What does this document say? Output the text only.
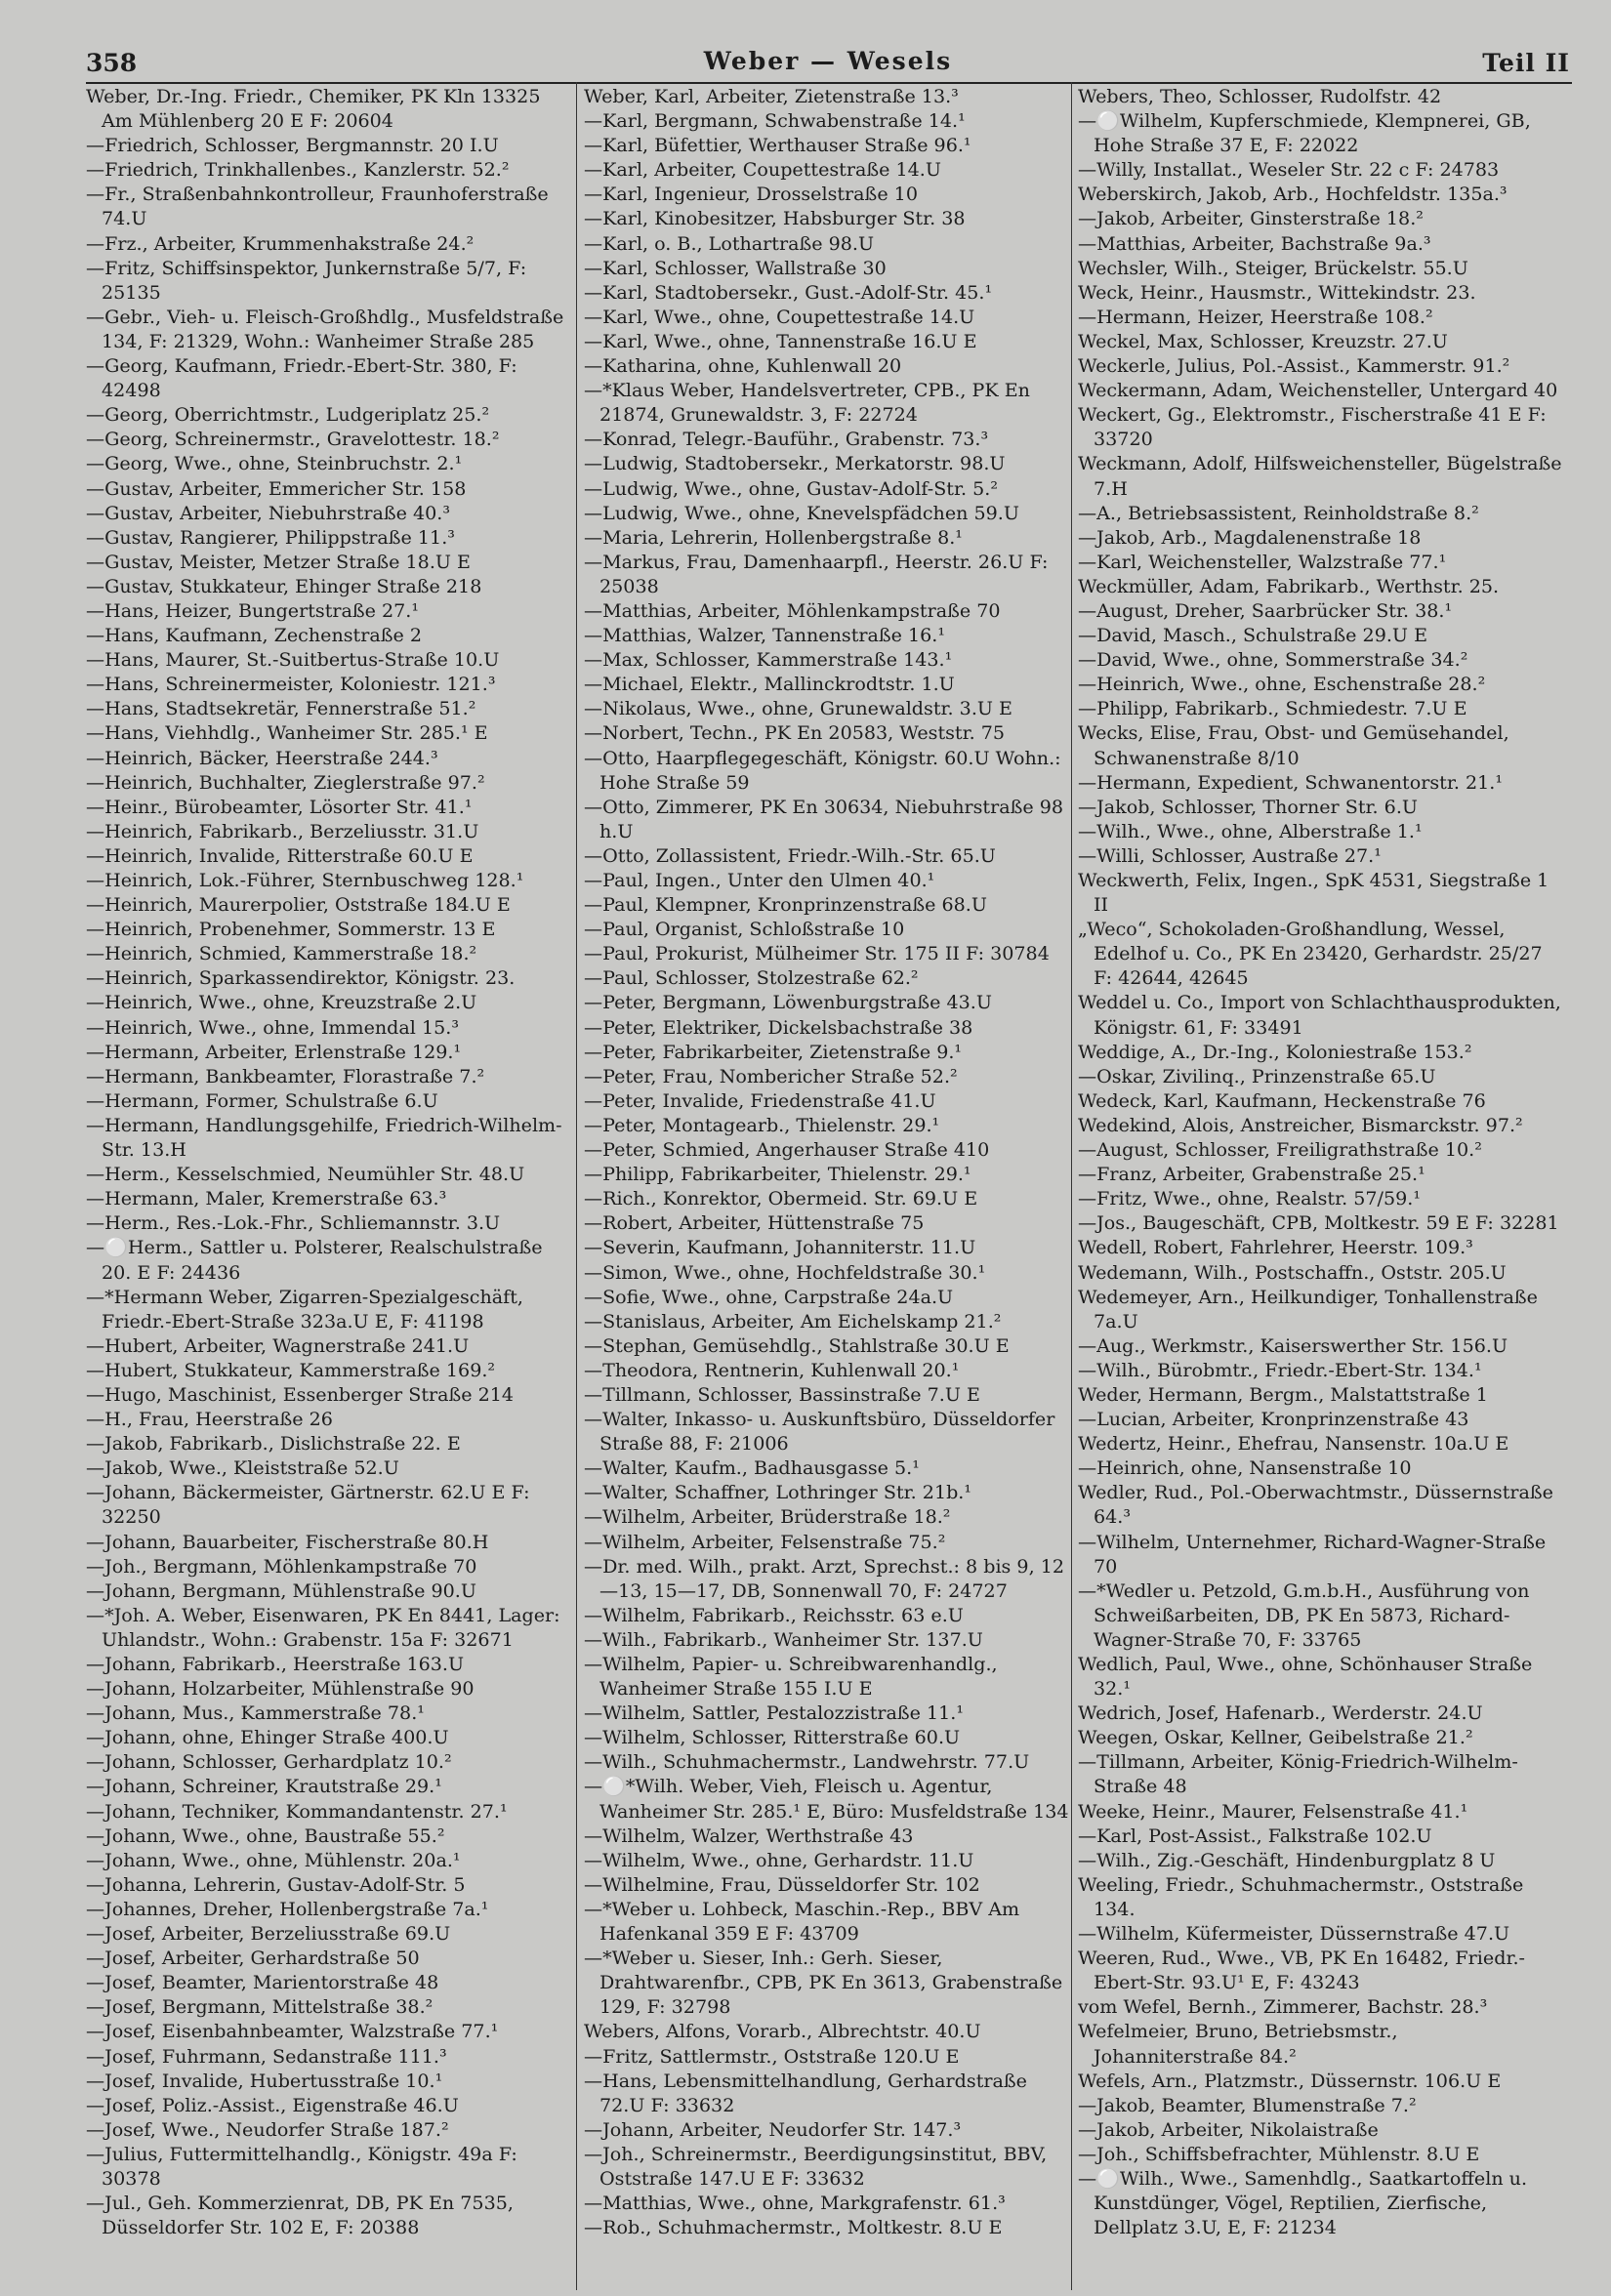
358	Weber — Wesels	Teil II
Weber, Dr.-Ing. Friedr., Chemiker, PK Kln 13325 Am Mühlenberg 20 E F: 20604
—Friedrich, Schlosser, Bergmannstr. 20 I.U
—Friedrich, Trinkhallenbes., Kanzlerstr. 52.²
—Fr., Straßenbahnkontrolleur, Fraunhoferstraße 74.U
—Frz., Arbeiter, Krummenhakstraße 24.²
—Fritz, Schiffsinspektor, Junkernstraße 5/7, F: 25135
—Gebr., Vieh- u. Fleisch-Großhdlg., Musfeldstraße 134, F: 21329, Wohn.: Wanheimer Straße 285
—Georg, Kaufmann, Friedr.-Ebert-Str. 380, F: 42498
—Georg, Oberrichtmstr., Ludgeriplatz 25.²
—Georg, Schreinermstr., Gravelottestr. 18.²
—Georg, Wwe., ohne, Steinbruchstr. 2.¹
—Gustav, Arbeiter, Emmericher Str. 158
—Gustav, Arbeiter, Niebuhrstraße 40.³
—Gustav, Rangierer, Philippstraße 11.³
—Gustav, Meister, Metzer Straße 18.U E
—Gustav, Stukkateur, Ehinger Straße 218
—Hans, Heizer, Bungertstraße 27.¹
—Hans, Kaufmann, Zechenstraße 2
—Hans, Maurer, St.-Suitbertus-Straße 10.U
—Hans, Schreinermeister, Koloniestr. 121.³
—Hans, Stadtsekretär, Fennerstraße 51.²
—Hans, Viehhdlg., Wanheimer Str. 285.¹ E
—Heinrich, Bäcker, Heerstraße 244.³
—Heinrich, Buchhalter, Zieglerstraße 97.²
—Heinr., Bürobeamter, Lösorter Str. 41.¹
—Heinrich, Fabrikarb., Berzeliusstr. 31.U
—Heinrich, Invalide, Ritterstraße 60.U E
—Heinrich, Lok.-Führer, Sternbuschweg 128.¹
—Heinrich, Maurerpolier, Oststraße 184.U E
—Heinrich, Probenehmer, Sommerstr. 13 E
—Heinrich, Schmied, Kammerstraße 18.²
—Heinrich, Sparkassendirektor, Königstr. 23.
—Heinrich, Wwe., ohne, Kreuzstraße 2.U
—Heinrich, Wwe., ohne, Immendal 15.³
—Hermann, Arbeiter, Erlenstraße 129.¹
—Hermann, Bankbeamter, Florastraße 7.²
—Hermann, Former, Schulstraße 6.U
—Hermann, Handlungsgehilfe, Friedrich-Wilhelm-Str. 13.H
—Herm., Kesselschmied, Neumühler Str. 48.U
—Hermann, Maler, Kremerstraße 63.³
—Herm., Res.-Lok.-Fhr., Schliemannstr. 3.U
—⚪Herm., Sattler u. Polsterer, Realschulstraße 20. E F: 24436
—*Hermann Weber, Zigarren-Spezialgeschäft, Friedr.-Ebert-Straße 323a.U E, F: 41198
—Hubert, Arbeiter, Wagnerstraße 241.U
—Hubert, Stukkateur, Kammerstraße 169.²
—Hugo, Maschinist, Essenberger Straße 214
—H., Frau, Heerstraße 26
—Jakob, Fabrikarb., Dislichstraße 22. E
—Jakob, Wwe., Kleiststraße 52.U
—Johann, Bäckermeister, Gärtnerstr. 62.U E F: 32250
—Johann, Bauarbeiter, Fischerstraße 80.H
—Joh., Bergmann, Möhlenkampstraße 70
—Johann, Bergmann, Mühlenstraße 90.U
—*Joh. A. Weber, Eisenwaren, PK En 8441, Lager: Uhlandstr., Wohn.: Grabenstr. 15a F: 32671
—Johann, Fabrikarb., Heerstraße 163.U
—Johann, Holzarbeiter, Mühlenstraße 90
—Johann, Mus., Kammerstraße 78.¹
—Johann, ohne, Ehinger Straße 400.U
—Johann, Schlosser, Gerhardplatz 10.²
—Johann, Schreiner, Krautstraße 29.¹
—Johann, Techniker, Kommandantenstr. 27.¹
—Johann, Wwe., ohne, Baustraße 55.²
—Johann, Wwe., ohne, Mühlenstr. 20a.¹
—Johanna, Lehrerin, Gustav-Adolf-Str. 5
—Johannes, Dreher, Hollenbergstraße 7a.¹
—Josef, Arbeiter, Berzeliusstraße 69.U
—Josef, Arbeiter, Gerhardstraße 50
—Josef, Beamter, Marientorstraße 48
—Josef, Bergmann, Mittelstraße 38.²
—Josef, Eisenbahnbeamter, Walzstraße 77.¹
—Josef, Fuhrmann, Sedanstraße 111.³
—Josef, Invalide, Hubertusstraße 10.¹
—Josef, Poliz.-Assist., Eigenstraße 46.U
—Josef, Wwe., Neudorfer Straße 187.²
—Julius, Futtermittelhandlg., Königstr. 49a F: 30378
—Jul., Geh. Kommerzienrat, DB, PK En 7535, Düsseldorfer Str. 102 E, F: 20388
Weber, Karl, Arbeiter, Zietenstraße 13.³
—Karl, Bergmann, Schwabenstraße 14.¹
—Karl, Büfettier, Werthauser Straße 96.¹
—Karl, Arbeiter, Coupettestraße 14.U
—Karl, Ingenieur, Drosselstraße 10
—Karl, Kinobesitzer, Habsburger Str. 38
—Karl, o. B., Lothartraße 98.U
—Karl, Schlosser, Wallstraße 30
—Karl, Stadtobersekr., Gust.-Adolf-Str. 45.¹
—Karl, Wwe., ohne, Coupettestraße 14.U
—Karl, Wwe., ohne, Tannenstraße 16.U E
—Katharina, ohne, Kuhlenwall 20
—*Klaus Weber, Handelsvertreter, CPB., PK En 21874, Grunewaldstr. 3, F: 22724
—Konrad, Telegr.-Bauführ., Grabenstr. 73.³
—Ludwig, Stadtobersekr., Merkatorstr. 98.U
—Ludwig, Wwe., ohne, Gustav-Adolf-Str. 5.²
—Ludwig, Wwe., ohne, Knevelspfädchen 59.U
—Maria, Lehrerin, Hollenbergstraße 8.¹
—Markus, Frau, Damenhaarpfl., Heerstr. 26.U F: 25038
—Matthias, Arbeiter, Möhlenkampstraße 70
—Matthias, Walzer, Tannenstraße 16.¹
—Max, Schlosser, Kammerstraße 143.¹
—Michael, Elektr., Mallinckrodtstr. 1.U
—Nikolaus, Wwe., ohne, Grunewaldstr. 3.U E
—Norbert, Techn., PK En 20583, Weststr. 75
—Otto, Haarpflegegeschäft, Königstr. 60.U Wohn.: Hohe Straße 59
—Otto, Zimmerer, PK En 30634, Niebuhrstraße 98 h.U
—Otto, Zollassistent, Friedr.-Wilh.-Str. 65.U
—Paul, Ingen., Unter den Ulmen 40.¹
—Paul, Klempner, Kronprinzenstraße 68.U
—Paul, Organist, Schloßstraße 10
—Paul, Prokurist, Mülheimer Str. 175 II F: 30784
—Paul, Schlosser, Stolzestraße 62.²
—Peter, Bergmann, Löwenburgstraße 43.U
—Peter, Elektriker, Dickelsbachstraße 38
—Peter, Fabrikarbeiter, Zietenstraße 9.¹
—Peter, Frau, Nombericher Straße 52.²
—Peter, Invalide, Friedenstraße 41.U
—Peter, Montagearb., Thielenstr. 29.¹
—Peter, Schmied, Angerhauser Straße 410
—Philipp, Fabrikarbeiter, Thielenstr. 29.¹
—Rich., Konrektor, Obermeid. Str. 69.U E
—Robert, Arbeiter, Hüttenstraße 75
—Severin, Kaufmann, Johanniterstr. 11.U
—Simon, Wwe., ohne, Hochfeldstraße 30.¹
—Sofie, Wwe., ohne, Carpstraße 24a.U
—Stanislaus, Arbeiter, Am Eichelskamp 21.²
—Stephan, Gemüsehdlg., Stahlstraße 30.U E
—Theodora, Rentnerin, Kuhlenwall 20.¹
—Tillmann, Schlosser, Bassinstraße 7.U E
—Walter, Inkasso- u. Auskunftsbüro, Düsseldorfer Straße 88, F: 21006
—Walter, Kaufm., Badhausgasse 5.¹
—Walter, Schaffner, Lothringer Str. 21b.¹
—Wilhelm, Arbeiter, Brüderstraße 18.²
—Wilhelm, Arbeiter, Felsenstraße 75.²
—Dr. med. Wilh., prakt. Arzt, Sprechst.: 8 bis 9, 12—13, 15—17, DB, Sonnenwall 70, F: 24727
—Wilhelm, Fabrikarb., Reichsstr. 63 e.U
—Wilh., Fabrikarb., Wanheimer Str. 137.U
—Wilhelm, Papier- u. Schreibwarenhandlg., Wanheimer Straße 155 I.U E
—Wilhelm, Sattler, Pestalozzistraße 11.¹
—Wilhelm, Schlosser, Ritterstraße 60.U
—Wilh., Schuhmachermstr., Landwehrstr. 77.U
—⚪*Wilh. Weber, Vieh, Fleisch u. Agentur, Wanheimer Str. 285.¹ E, Büro: Musfeldstraße 134
—Wilhelm, Walzer, Werthstraße 43
—Wilhelm, Wwe., ohne, Gerhardstr. 11.U
—Wilhelmine, Frau, Düsseldorfer Str. 102
—*Weber u. Lohbeck, Maschin.-Rep., BBV Am Hafenkanal 359 E F: 43709
—*Weber u. Sieser, Inh.: Gerh. Sieser, Drahtwarenfbr., CPB, PK En 3613, Grabenstraße 129, F: 32798
Webers, Alfons, Vorarb., Albrechtstr. 40.U
—Fritz, Sattlermstr., Oststraße 120.U E
—Hans, Lebensmittelhandlung, Gerhardstraße 72.U F: 33632
—Johann, Arbeiter, Neudorfer Str. 147.³
—Joh., Schreinermstr., Beerdigungsinstitut, BBV, Oststraße 147.U E F: 33632
—Matthias, Wwe., ohne, Markgrafenstr. 61.³
—Rob., Schuhmachermstr., Moltkestr. 8.U E
Webers, Theo, Schlosser, Rudolfstr. 42
—⚪Wilhelm, Kupferschmiede, Klempnerei, GB, Hohe Straße 37 E, F: 22022
—Willy, Installat., Weseler Str. 22 c F: 24783
Weberskirch, Jakob, Arb., Hochfeldstr. 135a.³
—Jakob, Arbeiter, Ginsterstraße 18.²
—Matthias, Arbeiter, Bachstraße 9a.³
Wechsler, Wilh., Steiger, Brückelstr. 55.U
Weck, Heinr., Hausmstr., Wittekindstr. 23.
—Hermann, Heizer, Heerstraße 108.²
Weckel, Max, Schlosser, Kreuzstr. 27.U
Weckerle, Julius, Pol.-Assist., Kammerstr. 91.²
Weckermann, Adam, Weichensteller, Untergard 40
Weckert, Gg., Elektromstr., Fischerstraße 41 E F: 33720
Weckmann, Adolf, Hilfsweichensteller, Bügelstraße 7.H
—A., Betriebsassistent, Reinholdstraße 8.²
—Jakob, Arb., Magdalenenstraße 18
—Karl, Weichensteller, Walzstraße 77.¹
Weckmüller, Adam, Fabrikarb., Werthstr. 25.
—August, Dreher, Saarbrücker Str. 38.¹
—David, Masch., Schulstraße 29.U E
—David, Wwe., ohne, Sommerstraße 34.²
—Heinrich, Wwe., ohne, Eschenstraße 28.²
—Philipp, Fabrikarb., Schmiedestr. 7.U E
Wecks, Elise, Frau, Obst- und Gemüsehandel, Schwanenstraße 8/10
—Hermann, Expedient, Schwanentorstr. 21.¹
—Jakob, Schlosser, Thorner Str. 6.U
—Wilh., Wwe., ohne, Alberstraße 1.¹
—Willi, Schlosser, Austraße 27.¹
Weckwerth, Felix, Ingen., SpK 4531, Siegstraße 1 II
„Weco“, Schokoladen-Großhandlung, Wessel, Edelhof u. Co., PK En 23420, Gerhardstr. 25/27 F: 42644, 42645
Weddel u. Co., Import von Schlachthausprodukten, Königstr. 61, F: 33491
Weddige, A., Dr.-Ing., Koloniestraße 153.²
—Oskar, Zivilinq., Prinzenstraße 65.U
Wedeck, Karl, Kaufmann, Heckenstraße 76
Wedekind, Alois, Anstreicher, Bismarckstr. 97.²
—August, Schlosser, Freiligrathstraße 10.²
—Franz, Arbeiter, Grabenstraße 25.¹
—Fritz, Wwe., ohne, Realstr. 57/59.¹
—Jos., Baugeschäft, CPB, Moltkestr. 59 E F: 32281
Wedell, Robert, Fahrlehrer, Heerstr. 109.³
Wedemann, Wilh., Postschaffn., Oststr. 205.U
Wedemeyer, Arn., Heilkundiger, Tonhallenstraße 7a.U
—Aug., Werkmstr., Kaiserswerther Str. 156.U
—Wilh., Bürobmtr., Friedr.-Ebert-Str. 134.¹
Weder, Hermann, Bergm., Malstattstraße 1
—Lucian, Arbeiter, Kronprinzenstraße 43
Wedertz, Heinr., Ehefrau, Nansenstr. 10a.U E
—Heinrich, ohne, Nansenstraße 10
Wedler, Rud., Pol.-Oberwachtmstr., Düssernstraße 64.³
—Wilhelm, Unternehmer, Richard-Wagner-Straße 70
—*Wedler u. Petzold, G.m.b.H., Ausführung von Schweißarbeiten, DB, PK En 5873, Richard-Wagner-Straße 70, F: 33765
Wedlich, Paul, Wwe., ohne, Schönhauser Straße 32.¹
Wedrich, Josef, Hafenarb., Werderstr. 24.U
Weegen, Oskar, Kellner, Geibelstraße 21.²
—Tillmann, Arbeiter, König-Friedrich-Wilhelm-Straße 48
Weeke, Heinr., Maurer, Felsenstraße 41.¹
—Karl, Post-Assist., Falkstraße 102.U
—Wilh., Zig.-Geschäft, Hindenburgplatz 8 U
Weeling, Friedr., Schuhmachermstr., Oststraße 134.
—Wilhelm, Küfermeister, Düssernstraße 47.U
Weeren, Rud., Wwe., VB, PK En 16482, Friedr.-Ebert-Str. 93.U¹ E, F: 43243
vom Wefel, Bernh., Zimmerer, Bachstr. 28.³
Wefelmeier, Bruno, Betriebsmstr., Johanniterstraße 84.²
Wefels, Arn., Platzmstr., Düssernstr. 106.U E
—Jakob, Beamter, Blumenstraße 7.²
—Jakob, Arbeiter, Nikolaistraße
—Joh., Schiffsbefrachter, Mühlenstr. 8.U E
—⚪Wilh., Wwe., Samenhdlg., Saatkartoffeln u. Kunstdünger, Vögel, Reptilien, Zierfische, Dellplatz 3.U, E, F: 21234
